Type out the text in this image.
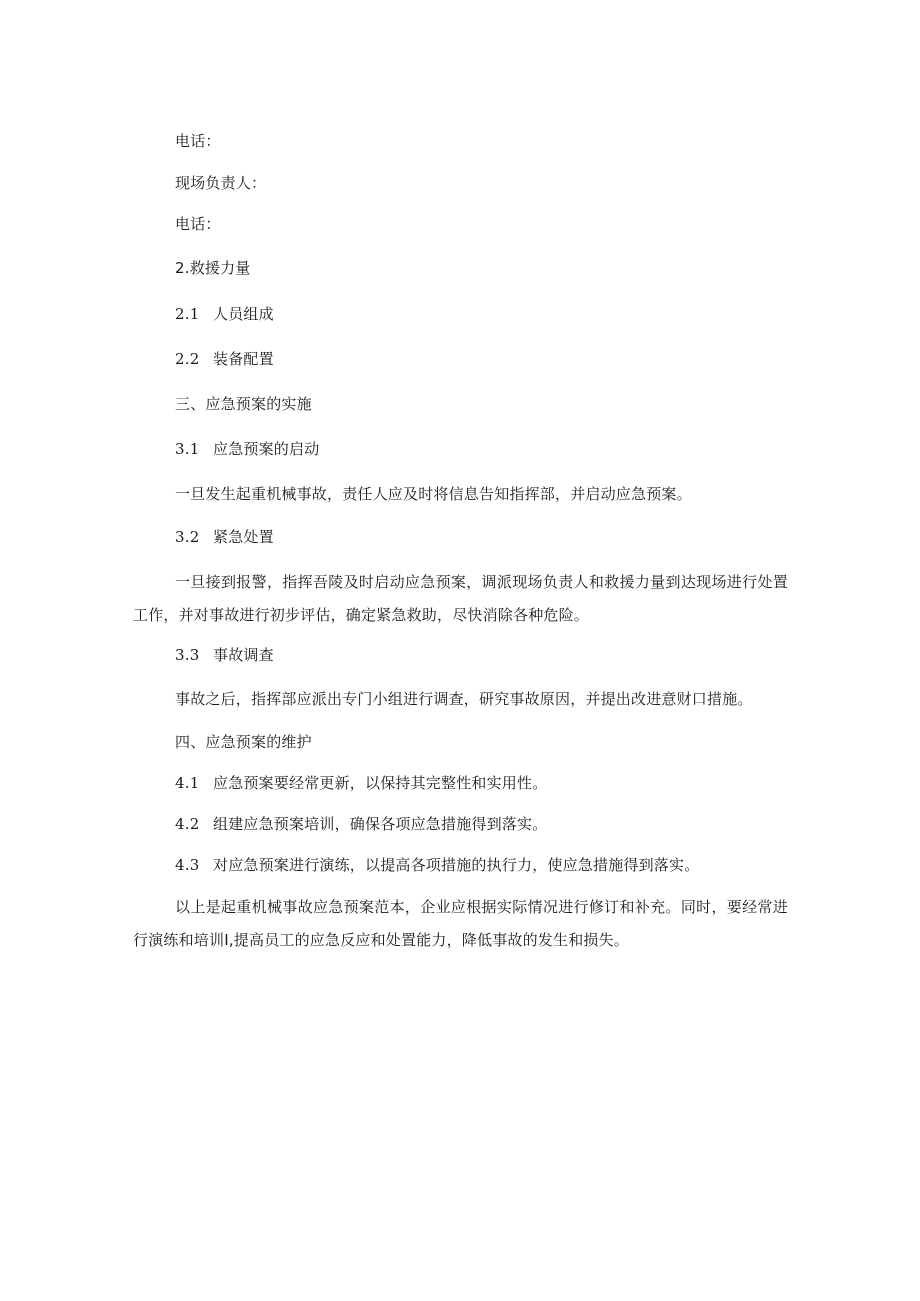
电话：
现场负责人：
电话：
2.救援力量
2.1 人员组成
2.2 装备配置
三、应急预案的实施
3.1 应急预案的启动
一旦发生起重机械事故，责任人应及时将信息告知指挥部，并启动应急预案。
3.2 紧急处置
一旦接到报警，指挥吾陵及时启动应急预案，调派现场负责人和救援力量到达现场进行处置工作，并对事故进行初步评估，确定紧急救助，尽快消除各种危险。
3.3 事故调查
事故之后，指挥部应派出专门小组进行调查，研究事故原因，并提出改进意财口措施。
四、应急预案的维护
4.1 应急预案要经常更新，以保持其完整性和实用性。
4.2 组建应急预案培训，确保各项应急措施得到落实。
4.3 对应急预案进行演练，以提高各项措施的执行力，使应急措施得到落实。
以上是起重机械事故应急预案范本，企业应根据实际情况进行修订和补充。同时，要经常进行演练和培训I,提高员工的应急反应和处置能力，降低事故的发生和损失。
